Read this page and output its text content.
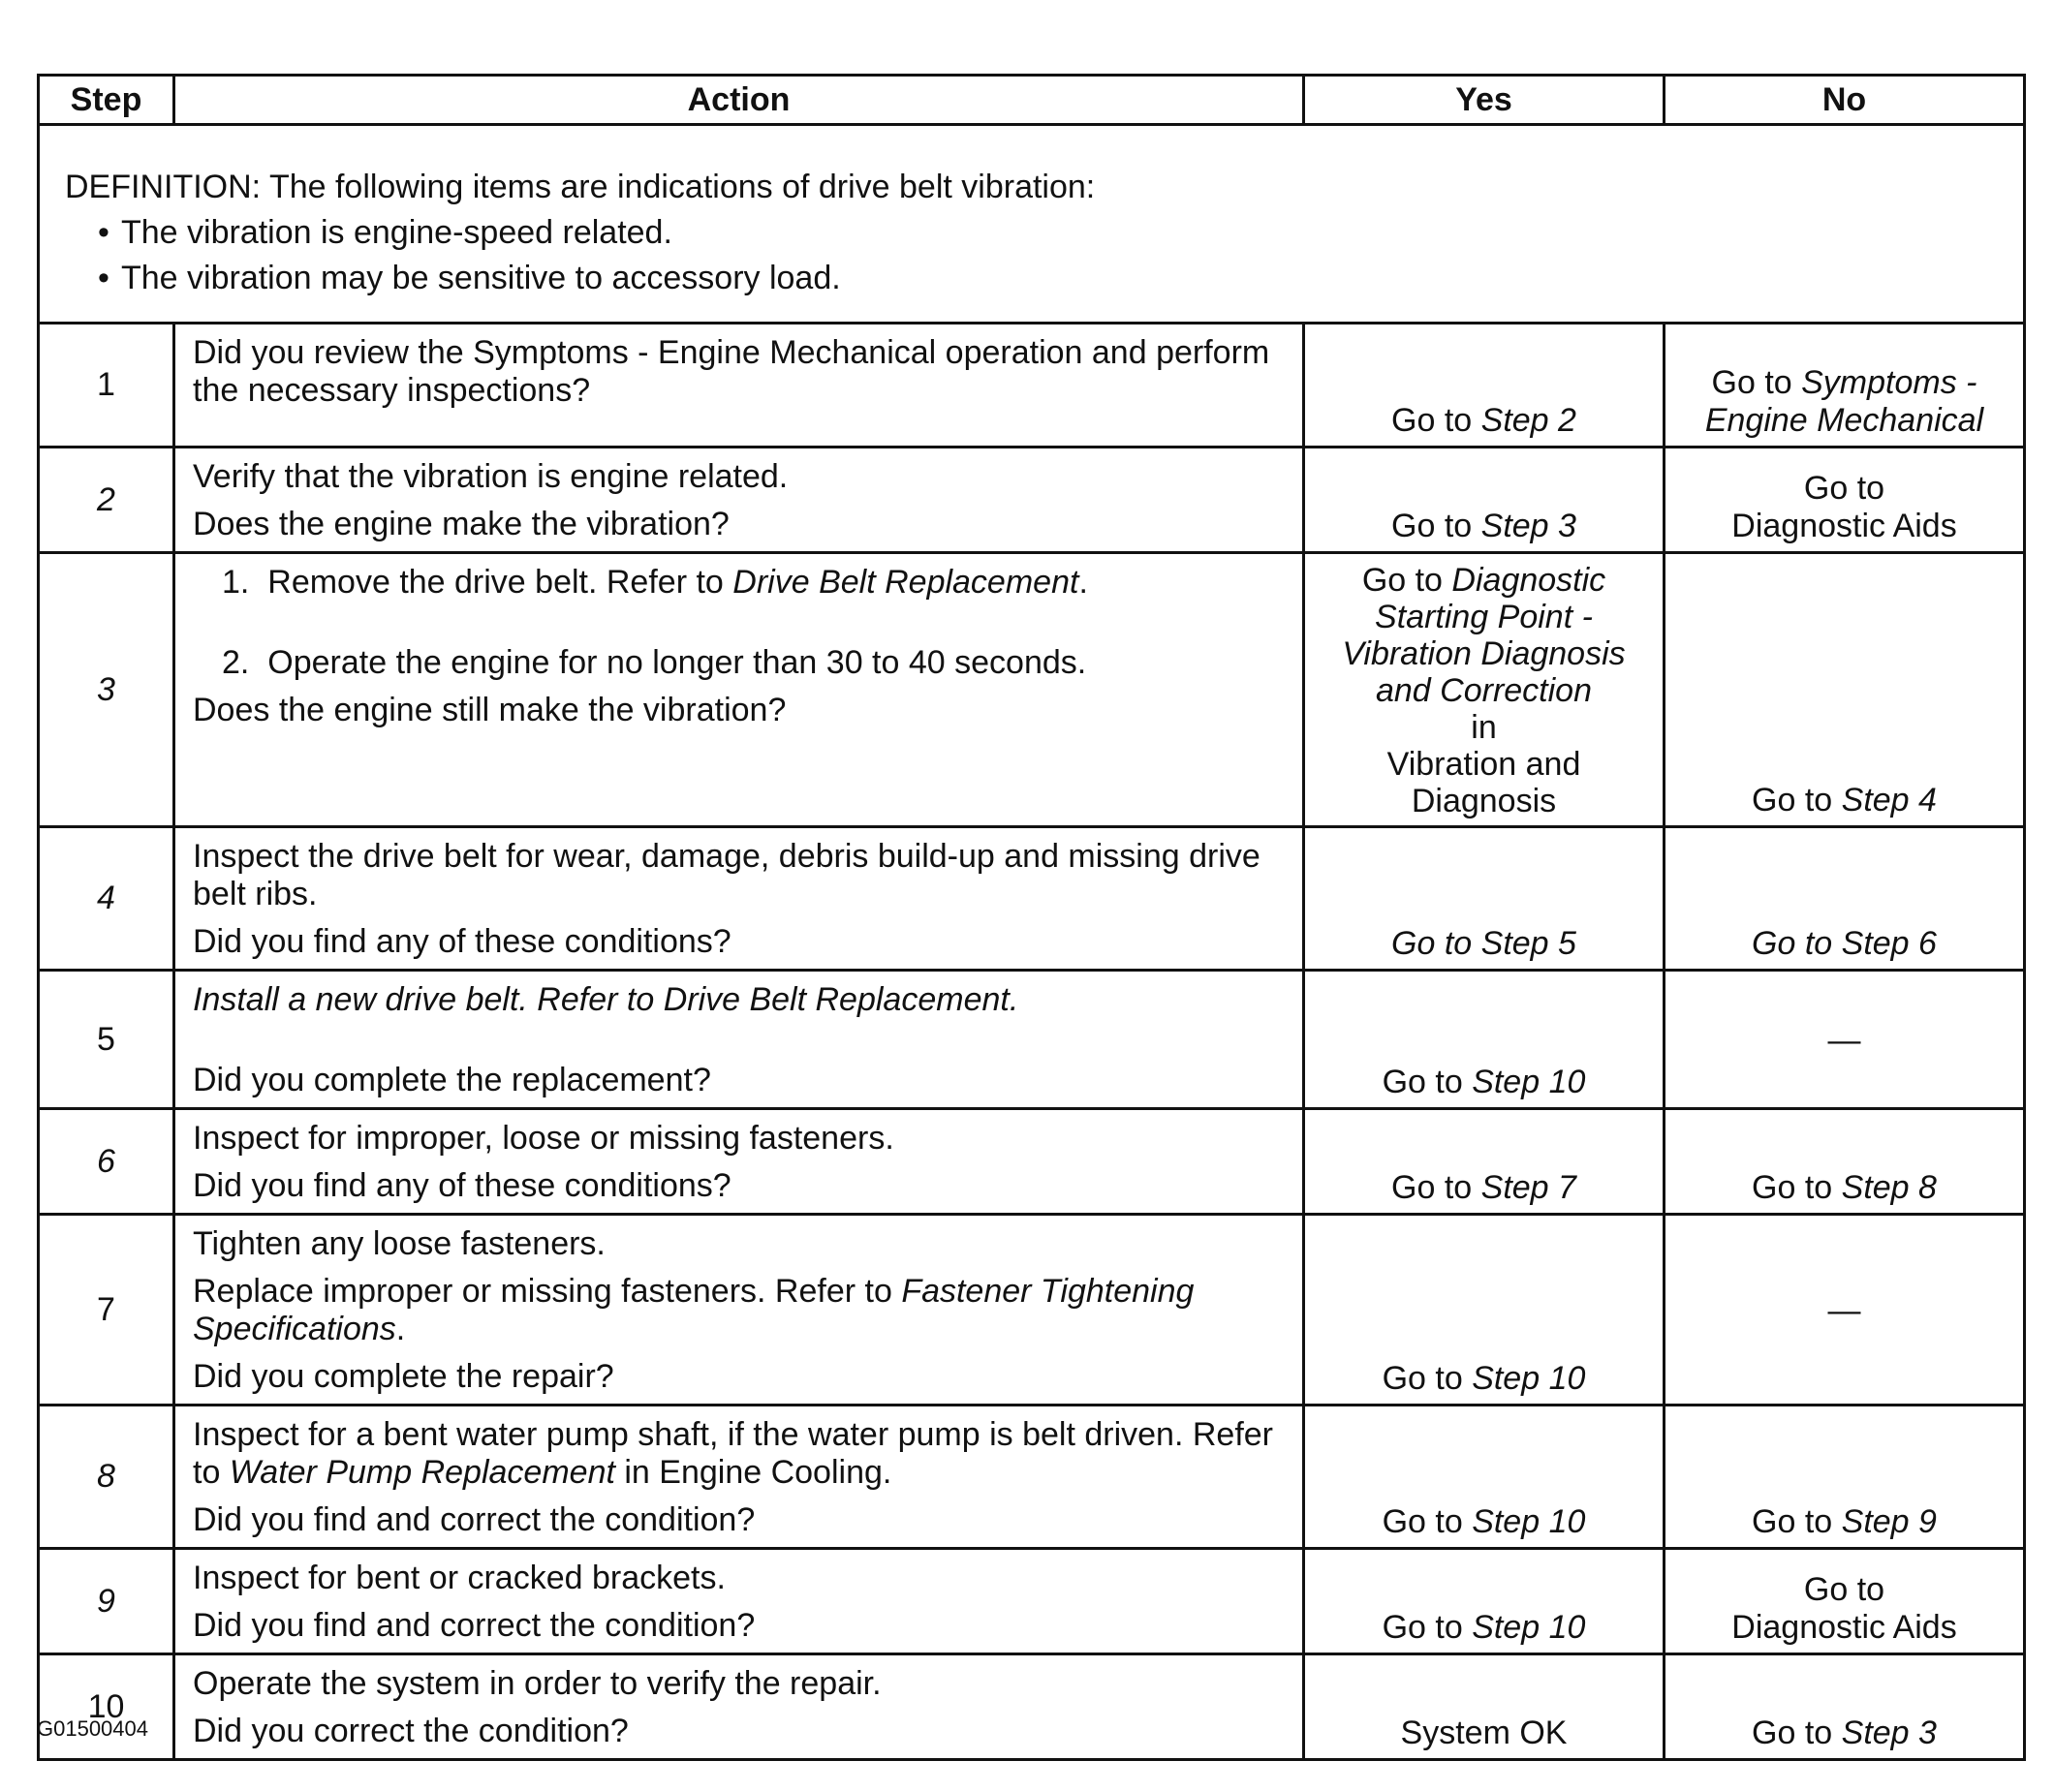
Step	Action	Yes	No

DEFINITION: The following items are indications of drive belt vibration:
• The vibration is engine-speed related.
• The vibration may be sensitive to accessory load.			

1	Did you review the Symptoms - Engine Mechanical operation and perform the necessary inspections?	Go to Step 2	Go to Symptoms - Engine Mechanical
2	Verify that the vibration is engine related.
Does the engine make the vibration?	Go to Step 3	Go to
Diagnostic Aids
3	1. Remove the drive belt. Refer to Drive Belt Replacement.
2. Operate the engine for no longer than 30 to 40 seconds.
Does the engine still make the vibration?	Go to Diagnostic Starting Point - Vibration Diagnosis and Correction
in
Vibration and Diagnosis	Go to Step 4
4	Inspect the drive belt for wear, damage, debris build-up and missing drive belt ribs.
Did you find any of these conditions?	Go to Step 5	Go to Step 6
5	Install a new drive belt. Refer to Drive Belt Replacement.
Did you complete the replacement?	Go to Step 10	—
6	Inspect for improper, loose or missing fasteners.
Did you find any of these conditions?	Go to Step 7	Go to Step 8
7	Tighten any loose fasteners.
Replace improper or missing fasteners. Refer to Fastener Tightening Specifications.
Did you complete the repair?	Go to Step 10	—
8	Inspect for a bent water pump shaft, if the water pump is belt driven. Refer to Water Pump Replacement in Engine Cooling.
Did you find and correct the condition?	Go to Step 10	Go to Step 9
9	Inspect for bent or cracked brackets.
Did you find and correct the condition?	Go to Step 10	Go to
Diagnostic Aids
10	Operate the system in order to verify the repair.
Did you correct the condition?	System OK	Go to Step 3
G01500404
